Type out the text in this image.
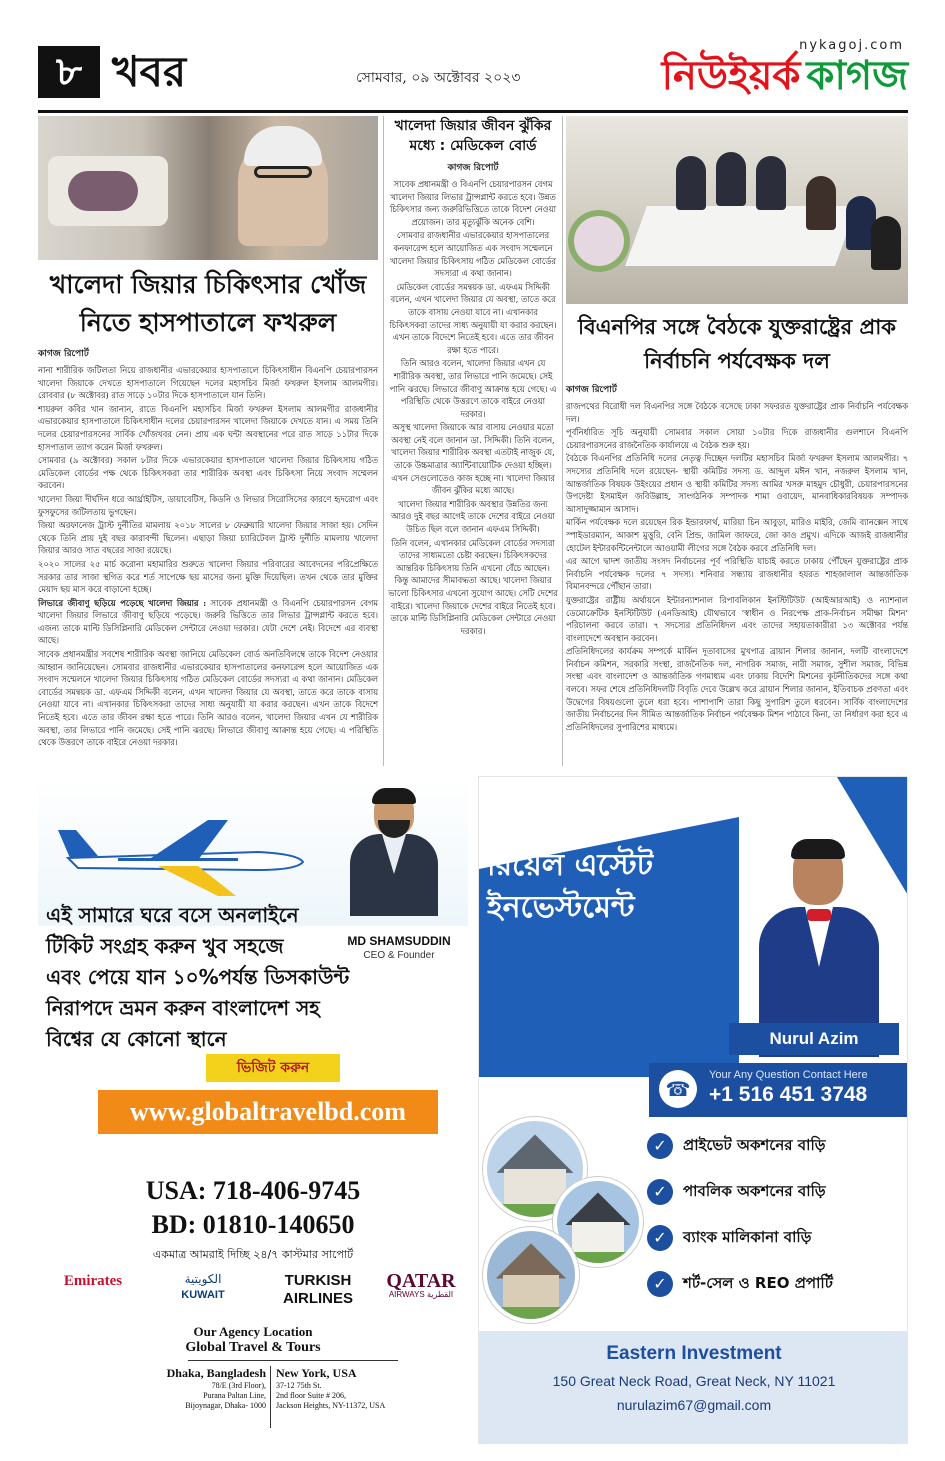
৮ খবর	সোমবার, ০৯ অক্টোবর ২০২৩
nykagoj.com
নিউইয়র্ক কাগজ
খালেদা জিয়ার চিকিৎসার খোঁজ নিতে হাসপাতালে ফখরুল
কাগজ রিপোর্ট

নানা শারীরিক জটিলতা নিয়ে রাজধানীর এভারকেয়ার হাসপাতালে চিকিৎসাধীন বিএনপি চেয়ারপারসন খালেদা জিয়াকে দেখতে হাসপাতালে গিয়েছেন দলের মহাসচিব মির্জা ফখরুল ইসলাম আলমগীর। রোববার (৮ অক্টোবর) রাত সাড়ে ১০টার দিকে হাসপাতালে যান তিনি।

শায়রুল কবির খান জানান, রাতে বিএনপি মহাসচিব মির্জা ফখরুল ইসলাম আলমগীর রাজধানীর এভারকেয়ার হাসপাতালে চিকিৎসাধীন দলের চেয়ারপারসন খালেদা জিয়াকে দেখতে যান। এ সময় তিনি দলের চেয়ারপারসনের সার্বিক খোঁজখবর নেন। প্রায় এক ঘন্টা অবস্থানের পরে রাত সাড়ে ১১টার দিকে হাসপাতাল ত্যাগ করেন মির্জা ফখরুল।

সোমবার (৯ অক্টোবর) সকাল ৮টার দিকে এভারকেয়ার হাসপাতালে খালেদা জিয়ার চিকিৎসায় গঠিত মেডিকেল বোর্ডের পক্ষ থেকে চিকিৎসকরা তার শারীরিক অবস্থা এবং চিকিৎসা নিয়ে সংবাদ সম্মেলন করবেন।

খালেদা জিয়া দীর্ঘদিন ধরে আর্থ্রাইটিস, ডায়াবেটিস, কিডনি ও লিভার সিরোসিসের কারণে হৃদরোগ এবং ফুসফুসের জটিলতায় ভুগছেন।

জিয়া অরফানেজ ট্রাস্ট দুর্নীতির মামলায় ২০১৮ সালের ৮ ফেব্রুয়ারি খালেদা জিয়ার সাজা হয়। সেদিন থেকে তিনি প্রায় দুই বছর কারাবন্দী ছিলেন। এছাড়া জিয়া চ্যারিটেবল ট্রাস্ট দুর্নীতি মামলায় খালেদা জিয়ার আরও সাত বছরের সাজা রয়েছে।

২০২০ সালের ২৫ মার্চ করোনা মহামারির শুরুতে খালেদা জিয়ার পরিবারের আবেদনের পরিপ্রেক্ষিতে সরকার তার সাজা স্থগিত করে শর্ত সাপেক্ষে ছয় মাসের জন্য মুক্তি দিয়েছিল। তখন থেকে তার মুক্তির মেয়াদ ছয় মাস করে বাড়ানো হচ্ছে।

লিভারে জীবাণু ছড়িয়ে পড়েছে খালেদা জিয়ার : সাবেক প্রধানমন্ত্রী ও বিএনপি চেয়ারপারসন বেগম খালেদা জিয়ার লিভারে জীবাণু ছড়িয়ে পড়েছে। জরুরি ভিত্তিতে তার লিভার ট্রান্সপ্লান্ট করতে হবে। এজন্য তাকে মাল্টি ডিসিপ্লিনারি মেডিকেল সেন্টারে নেওয়া দরকার। যেটা দেশে নেই। বিদেশে এর ব্যবস্থা আছে।

সাবেক প্রধানমন্ত্রীর সবশেষ শারীরিক অবস্থা জানিয়ে মেডিকেল বোর্ড অনতিবিলম্বে তাকে বিদেশ নেওয়ার আহ্বান জানিয়েছেন। সোমবার রাজধানীর এভারকেয়ার হাসপাতালের কনফারেন্স হলে আয়োজিত এক সংবাদ সম্মেলনে খালেদা জিয়ার চিকিৎসায় গঠিত মেডিকেল বোর্ডের সদস্যরা এ কথা জানান। মেডিকেল বোর্ডের সমন্বয়ক ডা. এফএম সিদ্দিকী বলেন, এখন খালেদা জিয়ার যে অবস্থা, তাতে করে তাকে বাসায় নেওয়া যাবে না। এখানকার চিকিৎসকরা তাদের সাধ্য অনুযায়ী যা করার করছেন। এখন তাকে বিদেশে নিতেই হবে। এতে তার জীবন রক্ষা হতে পারে। তিনি আরও বলেন, খালেদা জিয়ার এখন যে শারীরিক অবস্থা, তার লিভারে পানি জমেছে। সেই পানি ঝরছে। লিভারে জীবাণু আক্রান্ত হয়ে গেছে। এ পরিস্থিতি থেকে উত্তরণে তাকে বাইরে নেওয়া দরকার।

খালেদা জিয়ার জীবন ঝুঁকির মধ্যে : মেডিকেল বোর্ড
কাগজ রিপোর্ট

সাবেক প্রধানমন্ত্রী ও বিএনপি চেয়ারপারসন বেগম খালেদা জিয়ার লিভার ট্রান্সপ্লান্ট করতে হবে। উন্নত চিকিৎসার জন্য জরুরিভিত্তিতে তাকে বিদেশ নেওয়া প্রয়োজন। তার মৃত্যুঝুঁকি অনেক বেশি।

সোমবার রাজধানীর এভারকেয়ার হাসপাতালের কনফারেন্স হলে আয়োজিত এক সংবাদ সম্মেলনে খালেদা জিয়ার চিকিৎসায় গঠিত মেডিকেল বোর্ডের সদস্যরা এ কথা জানান।

মেডিকেল বোর্ডের সমন্বয়ক ডা. এফএম সিদ্দিকী বলেন, এখন খালেদা জিয়ার যে অবস্থা, তাতে করে তাকে বাসায় নেওয়া যাবে না। এখানকার চিকিৎসকরা তাদের সাধ্য অনুযায়ী যা করার করছেন। এখন তাকে বিদেশে নিতেই হবে। এতে তার জীবন রক্ষা হতে পারে।

তিনি আরও বলেন, খালেদা জিয়ার এখন যে শারীরিক অবস্থা, তার লিভারে পানি জমেছে। সেই পানি ঝরছে। লিভারে জীবাণু আক্রান্ত হয়ে গেছে। এ পরিস্থিতি থেকে উত্তরণে তাকে বাইরে নেওয়া দরকার।

অসুস্থ খালেদা জিয়াকে আর বাসায় নেওয়ার মতো অবস্থা নেই বলে জানান ডা. সিদ্দিকী। তিনি বলেন, খালেদা জিয়ার শারীরিক অবস্থা এতটাই নাজুক যে, তাকে উচ্চমাত্রার অ্যান্টিবায়োটিক দেওয়া হচ্ছিল। এখন সেগুলোতেও কাজ হচ্ছে না। খালেদা জিয়ার জীবন ঝুঁকির মধ্যে আছে।

খালেদা জিয়ার শারীরিক অবস্থার উন্নতির জন্য আরও দুই বছর আগেই তাকে দেশের বাইরে নেওয়া উচিত ছিল বলে জানান এফএম সিদ্দিকী।

তিনি বলেন, এখানকার মেডিকেল বোর্ডের সদস্যরা তাদের সাধ্যমতো চেষ্টা করছেন। চিকিৎসকদের আন্তরিক চিকিৎসায় তিনি এখনো বেঁচে আছেন। কিন্তু আমাদের সীমাবদ্ধতা আছে। খালেদা জিয়ার ভালো চিকিৎসার এখনো সুযোগ আছে। সেটি দেশের বাইরে। খালেদা জিয়াকে দেশের বাইরে নিতেই হবে। তাকে মাল্টি ডিসিপ্লিনারি মেডিকেল সেন্টারে নেওয়া দরকার।

বিএনপির সঙ্গে বৈঠকে যুক্তরাষ্ট্রের প্রাক নির্বাচনি পর্যবেক্ষক দল
কাগজ রিপোর্ট

রাজপথের বিরোধী দল বিএনপির সঙ্গে বৈঠকে বসেছে ঢাকা সফররত যুক্তরাষ্ট্রের প্রাক নির্বাচনি পর্যবেক্ষক দল।

পূর্বনির্ধারিত সূচি অনুযায়ী সোমবার সকাল সোয়া ১০টার দিকে রাজধানীর গুলশানে বিএনপি চেয়ারপারসনের রাজনৈতিক কার্যালয়ে এ বৈঠক শুরু হয়।

বৈঠকে বিএনপির প্রতিনিধি দলের নেতৃত্ব দিচ্ছেন দলটির মহাসচিব মির্জা ফখরুল ইসলাম আলমগীর। ৭ সদস্যের প্রতিনিধি দলে রয়েছেন- স্থায়ী কমিটির সদস্য ড. আব্দুল মঈন খান, নজরুল ইসলাম খান, আন্তর্জাতিক বিষয়ক উইংয়ের প্রধান ও স্থায়ী কমিটির সদস্য আমির খসরু মাহমুদ চৌধুরী, চেয়ারপারসনের উপদেষ্টা ইসমাইল জবিউল্লাহ, সাংগঠনিক সম্পাদক শামা ওবায়েদ, মানবাধিকারবিষয়ক সম্পাদক আসাদুজ্জামান আসাদ।

মার্কিন পর্যবেক্ষক দলে রয়েছেন রিক ইন্ডারফার্থ, মারিয়া চিন আবুড়া, মারিও মাইরি, জেমি ব্যানক্সেন সাথে স্পাইডারম্যান, আকাশ মুত্তুরি, বেনি প্রিন্ড, জামিল জাফরে, জো কাও প্রমুখ। এদিকে আজই রাজধানীর হোটেল ইন্টারকন্টিনেন্টালে আওয়ামী লীগের সঙ্গে বৈঠক করবে প্রতিনিধি দল।

এর আগে দ্বাদশ জাতীয় সংসদ নির্বাচনের পূর্ব পরিস্থিতি যাচাই করতে ঢাকায় পৌঁছেন যুক্তরাষ্ট্রের প্রাক নির্বাচনি পর্যবেক্ষক দলের ৭ সদস্য। শনিবার সন্ধ্যায় রাজধানীর হযরত শাহজালাল আন্তর্জাতিক বিমানবন্দরে পৌঁছান তারা।

যুক্তরাষ্ট্রের রাষ্ট্রীয় অর্থায়নে ইন্টারন্যাশনাল রিপাবলিকান ইনস্টিটিউট (আইআরআই) ও ন্যাশনাল ডেমোক্রেটিক ইনস্টিটিউট (এনডিআই) যৌথভাবে ‘স্বাধীন ও নিরপেক্ষ প্রাক-নির্বাচন সমীক্ষা মিশন’ পরিচালনা করবে তারা। ৭ সদস্যের প্রতিনিধিদল এবং তাদের সহায়তাকারীরা ১৩ অক্টোবর পর্যন্ত বাংলাদেশে অবস্থান করবেন।

প্রতিনিধিদলের কার্যক্রম সম্পর্কে মার্কিন দূতাবাসের মুখপাত্র ব্রায়ান শিলার জানান, দলটি বাংলাদেশে নির্বাচন কমিশন, সরকারি সংস্থা, রাজনৈতিক দল, নাগরিক সমাজ, নারী সমাজ, সুশীল সমাজ, বিভিন্ন সংস্থা এবং বাংলাদেশ ও আন্তর্জাতিক গণমাধ্যম এবং ঢাকায় বিদেশি মিশনের কূটনীতিকদের সঙ্গে কথা বলবে। সফর শেষে প্রতিনিধিদলটি বিবৃতি দেবে উল্লেখ করে ব্রায়ান শিলার জানান, ইতিবাচক প্রবণতা এবং উদ্বেগের বিষয়গুলো তুলে ধরা হবে। পাশাপাশি তারা কিছু সুপারিশ তুলে ধরবেন। সার্বিক বাংলাদেশের জাতীয় নির্বাচনের দিন সীমিত আন্তর্জাতিক নির্বাচন পর্যবেক্ষক মিশন পাঠাবে কিনা, তা নির্ধারণ করা হবে এ প্রতিনিধিদলের সুপারিশের মাধ্যমে।

MD SHAMSUDDIN
CEO & Founder
এই সামারে ঘরে বসে অনলাইনে
টিকিট সংগ্রহ করুন খুব সহজে
এবং পেয়ে যান ১০%পর্যন্ত ডিসকাউন্ট
নিরাপদে ভ্রমন করুন বাংলাদেশ সহ
বিশ্বের যে কোনো স্থানে
ভিজিট করুন
www.globaltravelbd.com
USA: 718-406-9745
BD: 01810-140650
একমাত্র আমরাই দিচ্ছি ২৪/৭ কাস্টমার সাপোর্ট
Emirates	الكويتية
KUWAIT
TURKISH
AIRLINES
QATAR
AIRWAYS القطرية
Our Agency Location
Global Travel & Tours
Dhaka, Bangladesh
78/E (3rd Floor),
Purana Paltan Line,
Bijoynagar, Dhaka- 1000
New York, USA
37-12 75th St.
2nd floor Suite # 206,
Jackson Heights, NY-11372, USA
রিয়েল এস্টেট
ইনভেস্টমেন্ট
Nurul Azim
☎
Your Any Question Contact Here
+1 516 451 3748
✓	প্রাইভেট অকশনের বাড়ি
✓	পাবলিক অকশনের বাড়ি
✓	ব্যাংক মালিকানা বাড়ি
✓	শর্ট-সেল ও REO প্রপার্টি
Eastern Investment
150 Great Neck Road, Great Neck, NY 11021
nurulazim67@gmail.com
